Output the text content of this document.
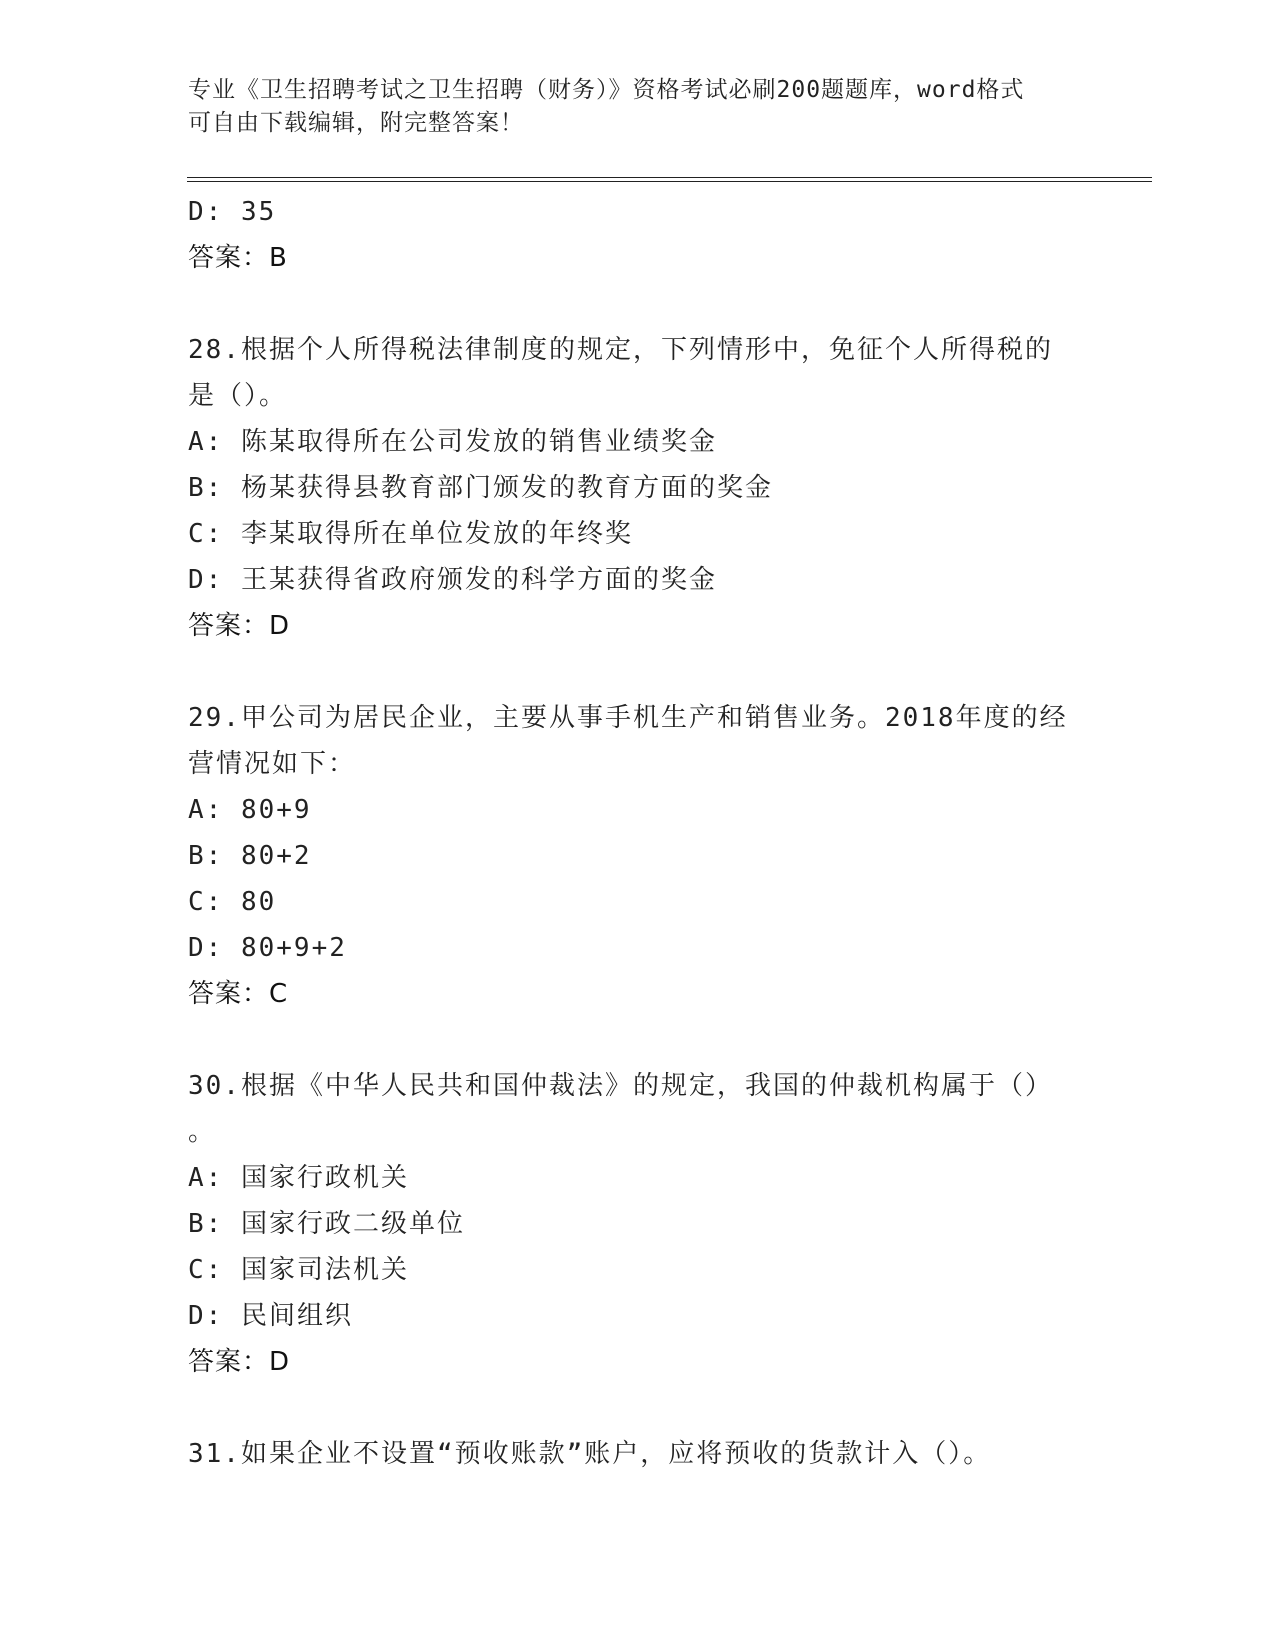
专业《卫生招聘考试之卫生招聘（财务）》资格考试必刷200题题库，word格式
可自由下载编辑，附完整答案！
D: 35
答案：B
28.根据个人所得税法律制度的规定，下列情形中，免征个人所得税的
是（）。
A: 陈某取得所在公司发放的销售业绩奖金
B: 杨某获得县教育部门颁发的教育方面的奖金
C: 李某取得所在单位发放的年终奖
D: 王某获得省政府颁发的科学方面的奖金
答案：D
29.甲公司为居民企业，主要从事手机生产和销售业务。2018年度的经
营情况如下：
A: 80+9
B: 80+2
C: 80
D: 80+9+2
答案：C
30.根据《中华人民共和国仲裁法》的规定，我国的仲裁机构属于（）
。
A: 国家行政机关
B: 国家行政二级单位
C: 国家司法机关
D: 民间组织
答案：D
31.如果企业不设置“预收账款”账户，应将预收的货款计入（）。
